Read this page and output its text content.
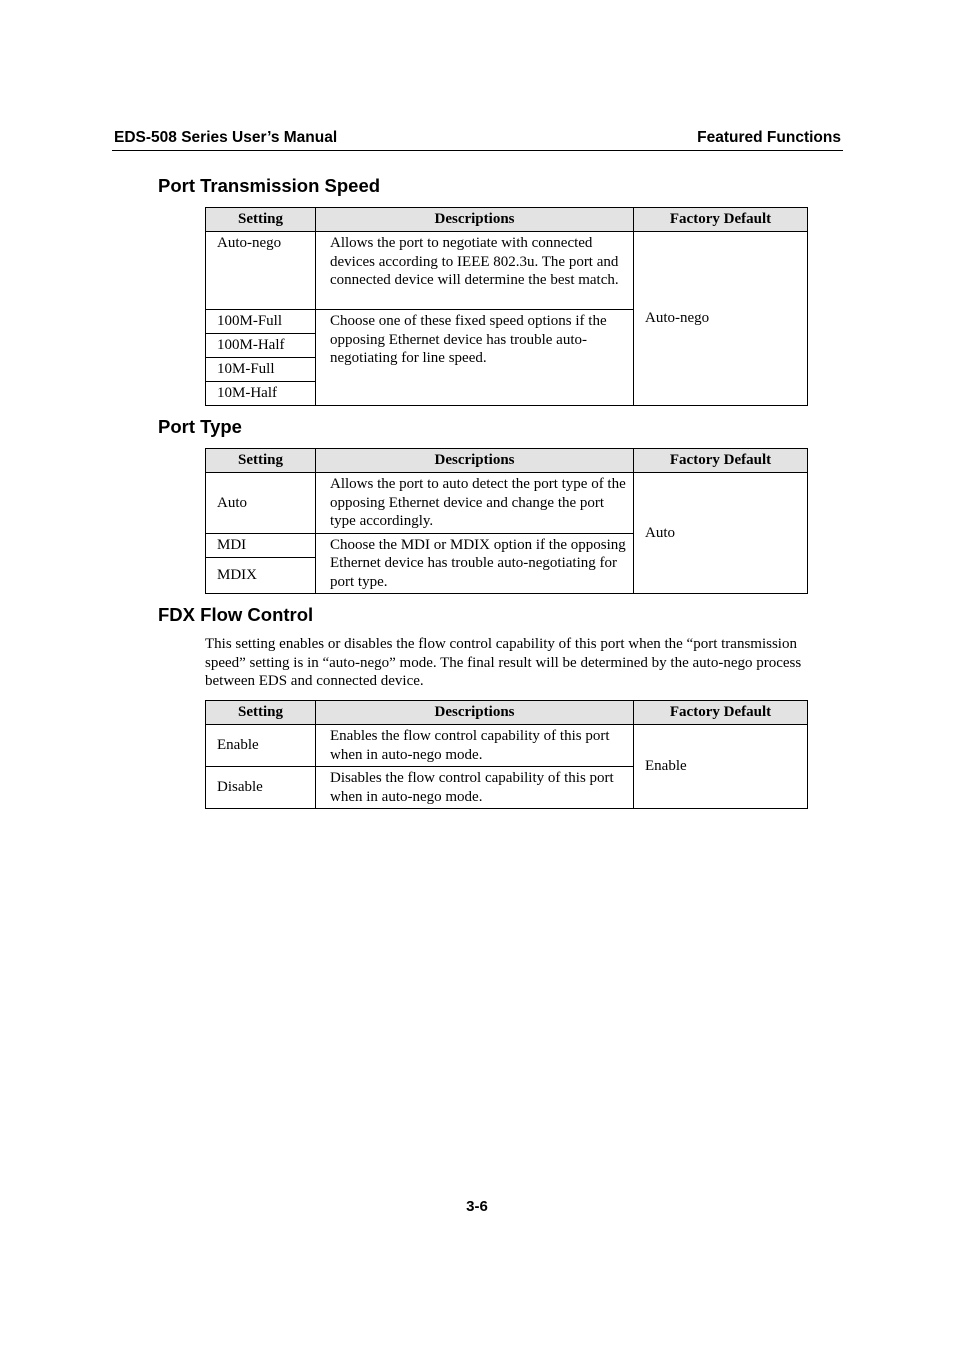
EDS-508 Series User’s Manual	Featured Functions
Port Transmission Speed
Setting	Descriptions	Factory Default
Auto-nego	Allows the port to negotiate with connected devices according to IEEE 802.3u. The port and connected device will determine the best match.	Auto-nego
100M-Full	Choose one of these fixed speed options if the opposing Ethernet device has trouble auto-negotiating for line speed.	
100M-Half		
10M-Full		
10M-Half		
Port Type
Setting	Descriptions	Factory Default
Auto	Allows the port to auto detect the port type of the opposing Ethernet device and change the port type accordingly.	Auto
MDI	Choose the MDI or MDIX option if the opposing Ethernet device has trouble auto-negotiating for port type.	
MDIX		
FDX Flow Control

This setting enables or disables the flow control capability of this port when the “port transmission speed” setting is in “auto-nego” mode. The final result will be determined by the auto-nego process between EDS and connected device.

Setting	Descriptions	Factory Default
Enable	Enables the flow control capability of this port when in auto-nego mode.	Enable
Disable	Disables the flow control capability of this port when in auto-nego mode.	
3-6
